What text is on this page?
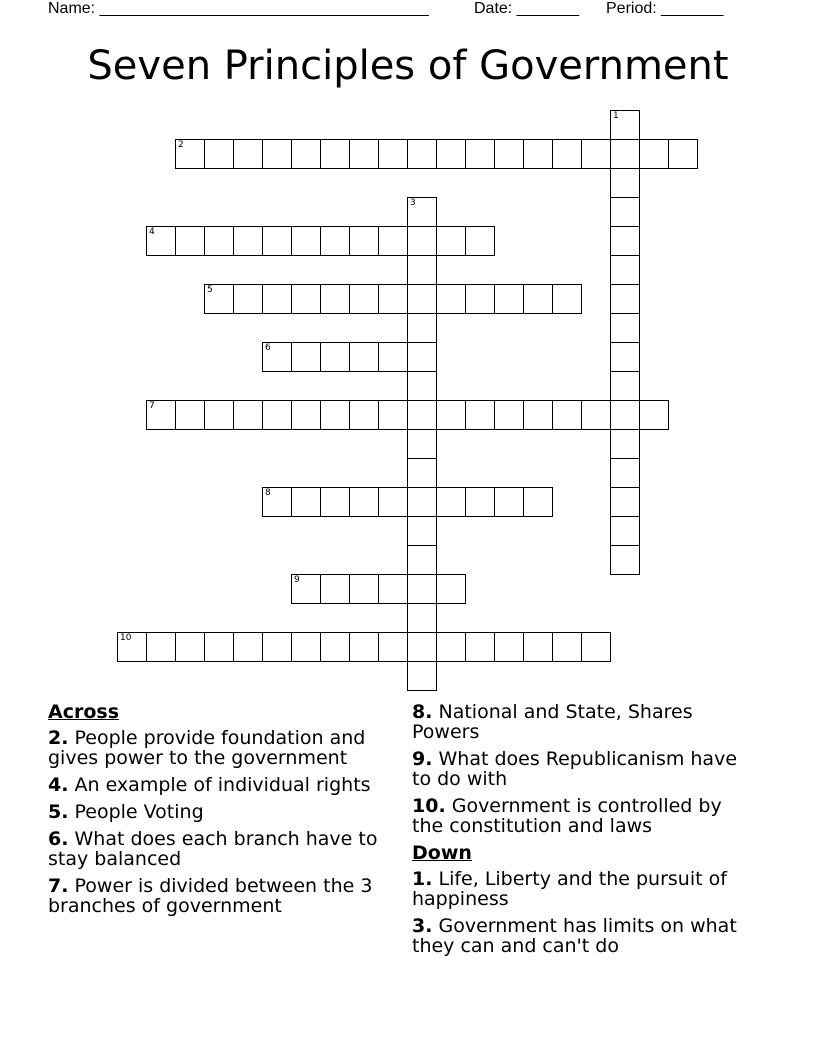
Name: _____________________________________	Date: _______ Period: _______
Seven Principles of Government
2
4
5
6
7
8
9
10
1
3
Across
2. People provide foundation and gives power to the government
4. An example of individual rights
5. People Voting
6. What does each branch have to stay balanced
7. Power is divided between the 3 branches of government
8. National and State, Shares Powers
9. What does Republicanism have to do with
10. Government is controlled by the constitution and laws
Down
1. Life, Liberty and the pursuit of happiness
3. Government has limits on what they can and can't do
